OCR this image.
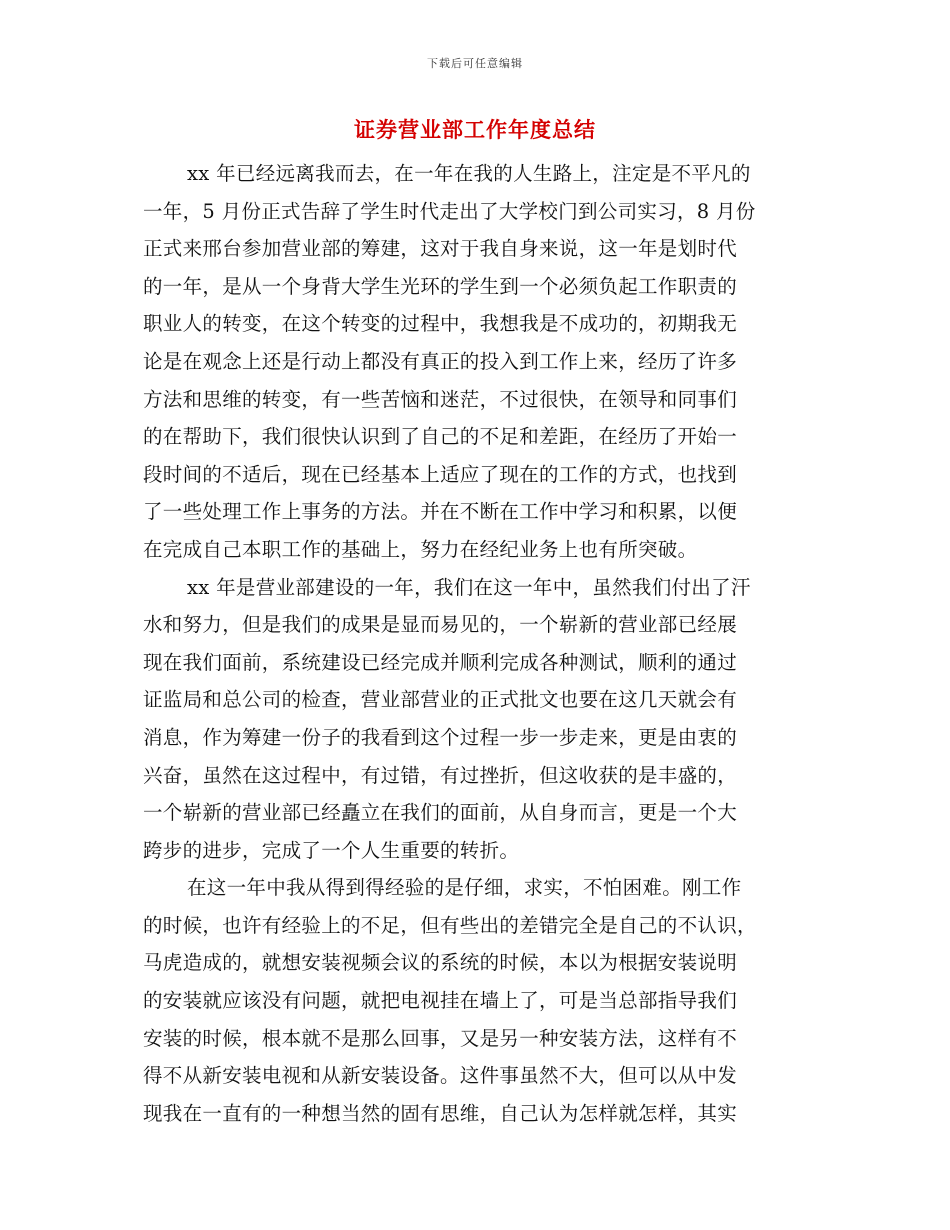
下载后可任意编辑
证券营业部工作年度总结
xx 年已经远离我而去，在一年在我的人生路上，注定是不平凡的
一年，5 月份正式告辞了学生时代走出了大学校门到公司实习，8 月份
正式来邢台参加营业部的筹建，这对于我自身来说，这一年是划时代
的一年，是从一个身背大学生光环的学生到一个必须负起工作职责的
职业人的转变，在这个转变的过程中，我想我是不成功的，初期我无
论是在观念上还是行动上都没有真正的投入到工作上来，经历了许多
方法和思维的转变，有一些苦恼和迷茫，不过很快，在领导和同事们
的在帮助下，我们很快认识到了自己的不足和差距，在经历了开始一
段时间的不适后，现在已经基本上适应了现在的工作的方式，也找到
了一些处理工作上事务的方法。并在不断在工作中学习和积累，以便
在完成自己本职工作的基础上，努力在经纪业务上也有所突破。
xx 年是营业部建设的一年，我们在这一年中，虽然我们付出了汗
水和努力，但是我们的成果是显而易见的，一个崭新的营业部已经展
现在我们面前，系统建设已经完成并顺利完成各种测试，顺利的通过
证监局和总公司的检查，营业部营业的正式批文也要在这几天就会有
消息，作为筹建一份子的我看到这个过程一步一步走来，更是由衷的
兴奋，虽然在这过程中，有过错，有过挫折，但这收获的是丰盛的，
一个崭新的营业部已经矗立在我们的面前，从自身而言，更是一个大
跨步的进步，完成了一个人生重要的转折。
在这一年中我从得到得经验的是仔细，求实，不怕困难。刚工作
的时候，也许有经验上的不足，但有些出的差错完全是自己的不认识，
马虎造成的，就想安装视频会议的系统的时候，本以为根据安装说明
的安装就应该没有问题，就把电视挂在墙上了，可是当总部指导我们
安装的时候，根本就不是那么回事，又是另一种安装方法，这样有不
得不从新安装电视和从新安装设备。这件事虽然不大，但可以从中发
现我在一直有的一种想当然的固有思维，自己认为怎样就怎样，其实
